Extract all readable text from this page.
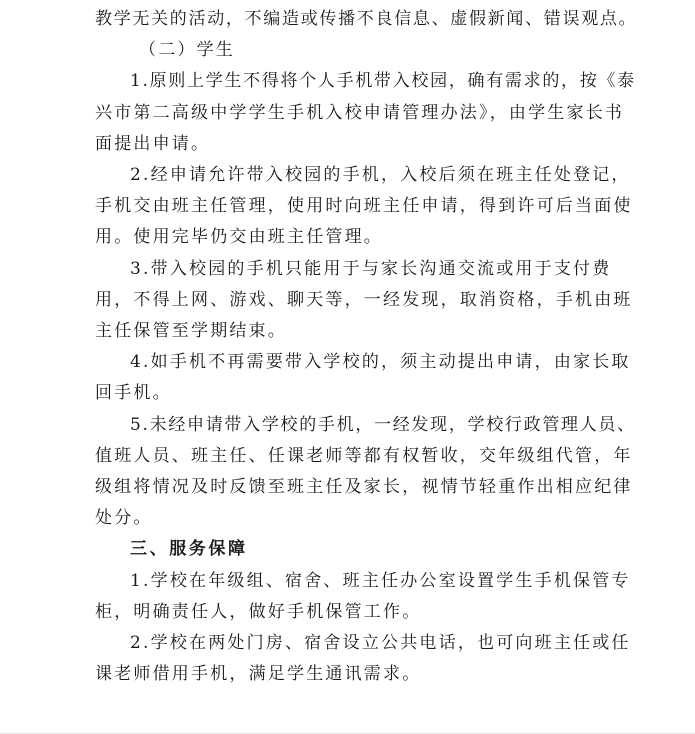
教学无关的活动，不编造或传播不良信息、虚假新闻、错误观点。

（二）学生

1.原则上学生不得将个人手机带入校园，确有需求的，按《泰

兴市第二高级中学学生手机入校申请管理办法》，由学生家长书

面提出申请。

2.经申请允许带入校园的手机，入校后须在班主任处登记，

手机交由班主任管理，使用时向班主任申请，得到许可后当面使

用。使用完毕仍交由班主任管理。

3.带入校园的手机只能用于与家长沟通交流或用于支付费

用，不得上网、游戏、聊天等，一经发现，取消资格，手机由班

主任保管至学期结束。

4.如手机不再需要带入学校的，须主动提出申请，由家长取

回手机。

5.未经申请带入学校的手机，一经发现，学校行政管理人员、

值班人员、班主任、任课老师等都有权暂收，交年级组代管，年

级组将情况及时反馈至班主任及家长，视情节轻重作出相应纪律

处分。

三、服务保障

1.学校在年级组、宿舍、班主任办公室设置学生手机保管专

柜，明确责任人，做好手机保管工作。

2.学校在两处门房、宿舍设立公共电话，也可向班主任或任

课老师借用手机，满足学生通讯需求。
